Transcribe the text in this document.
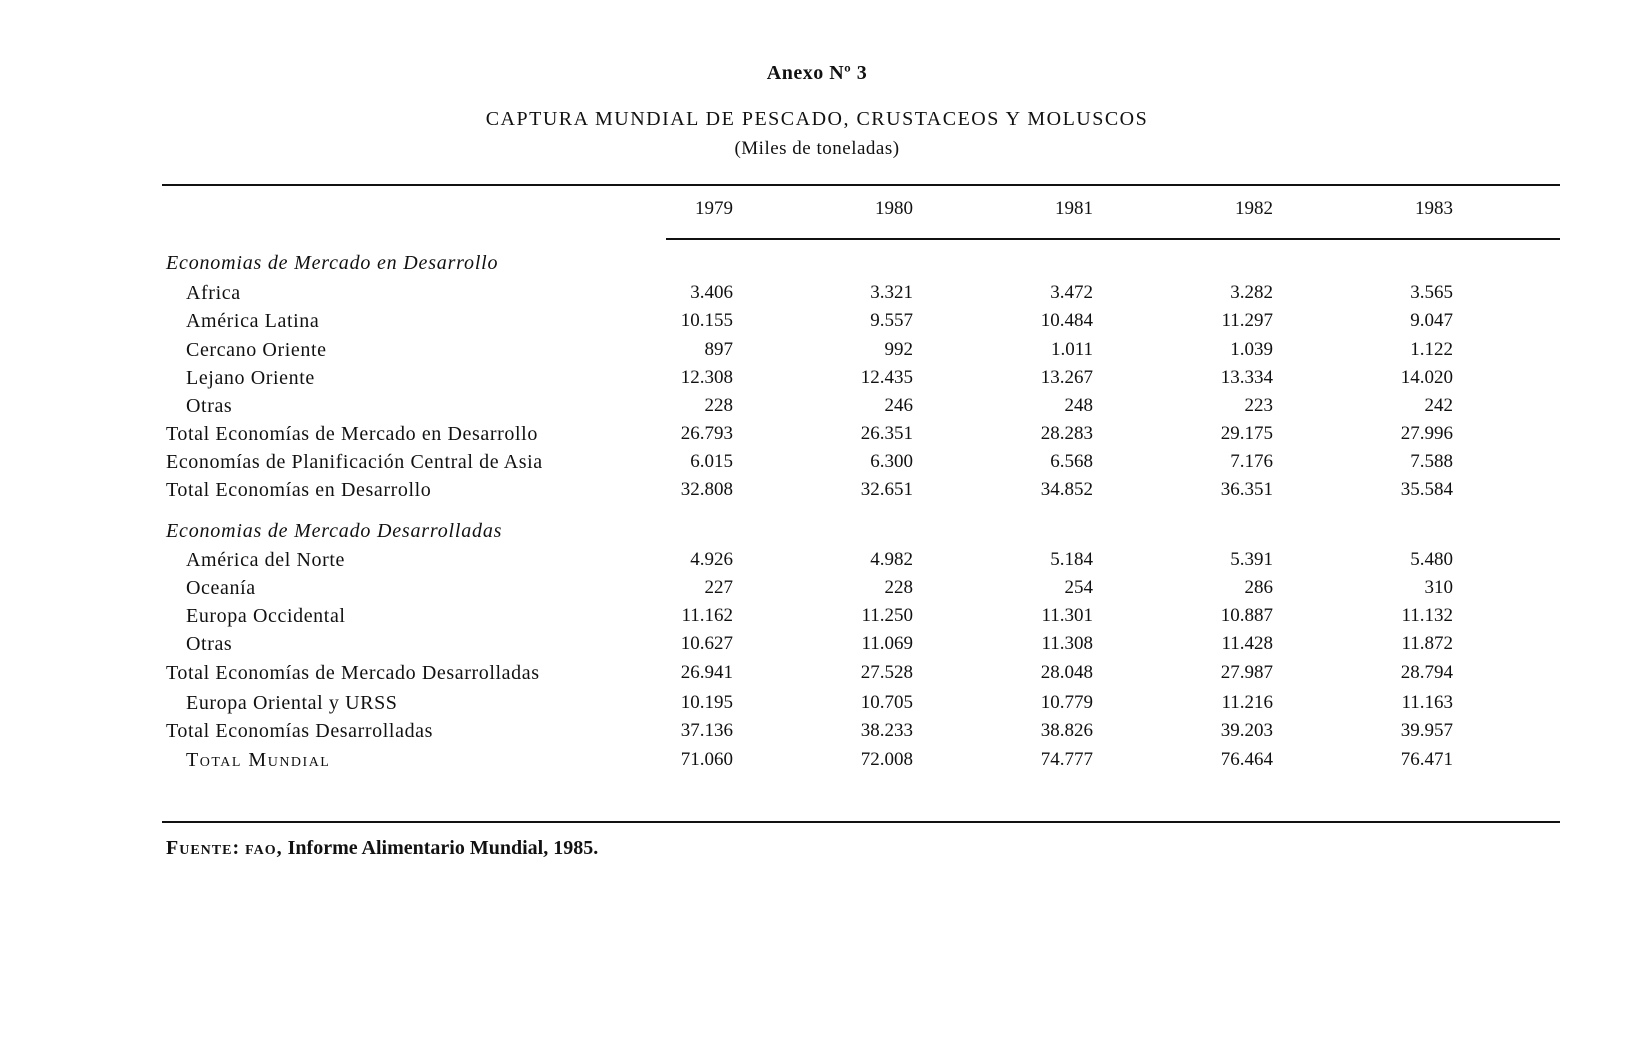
Anexo Nº 3
CAPTURA MUNDIAL DE PESCADO, CRUSTACEOS Y MOLUSCOS
(Miles de toneladas)
1979	1980	1981	1982	1983
Economias de Mercado en Desarrollo
Africa	3.406	3.321	3.472	3.282	3.565
América Latina	10.155	9.557	10.484	11.297	9.047
Cercano Oriente	897	992	1.011	1.039	1.122
Lejano Oriente	12.308	12.435	13.267	13.334	14.020
Otras	228	246	248	223	242
Total Economías de Mercado en Desarrollo	26.793	26.351	28.283	29.175	27.996
Economías de Planificación Central de Asia	6.015	6.300	6.568	7.176	7.588
Total Economías en Desarrollo	32.808	32.651	34.852	36.351	35.584
Economias de Mercado Desarrolladas
América del Norte	4.926	4.982	5.184	5.391	5.480
Oceanía	227	228	254	286	310
Europa Occidental	11.162	11.250	11.301	10.887	11.132
Otras	10.627	11.069	11.308	11.428	11.872
Total Economías de Mercado Desarrolladas	26.941	27.528	28.048	27.987	28.794
Europa Oriental y URSS	10.195	10.705	10.779	11.216	11.163
Total Economías Desarrolladas	37.136	38.233	38.826	39.203	39.957
Total Mundial	71.060	72.008	74.777	76.464	76.471
Fuente: fao, Informe Alimentario Mundial, 1985.
